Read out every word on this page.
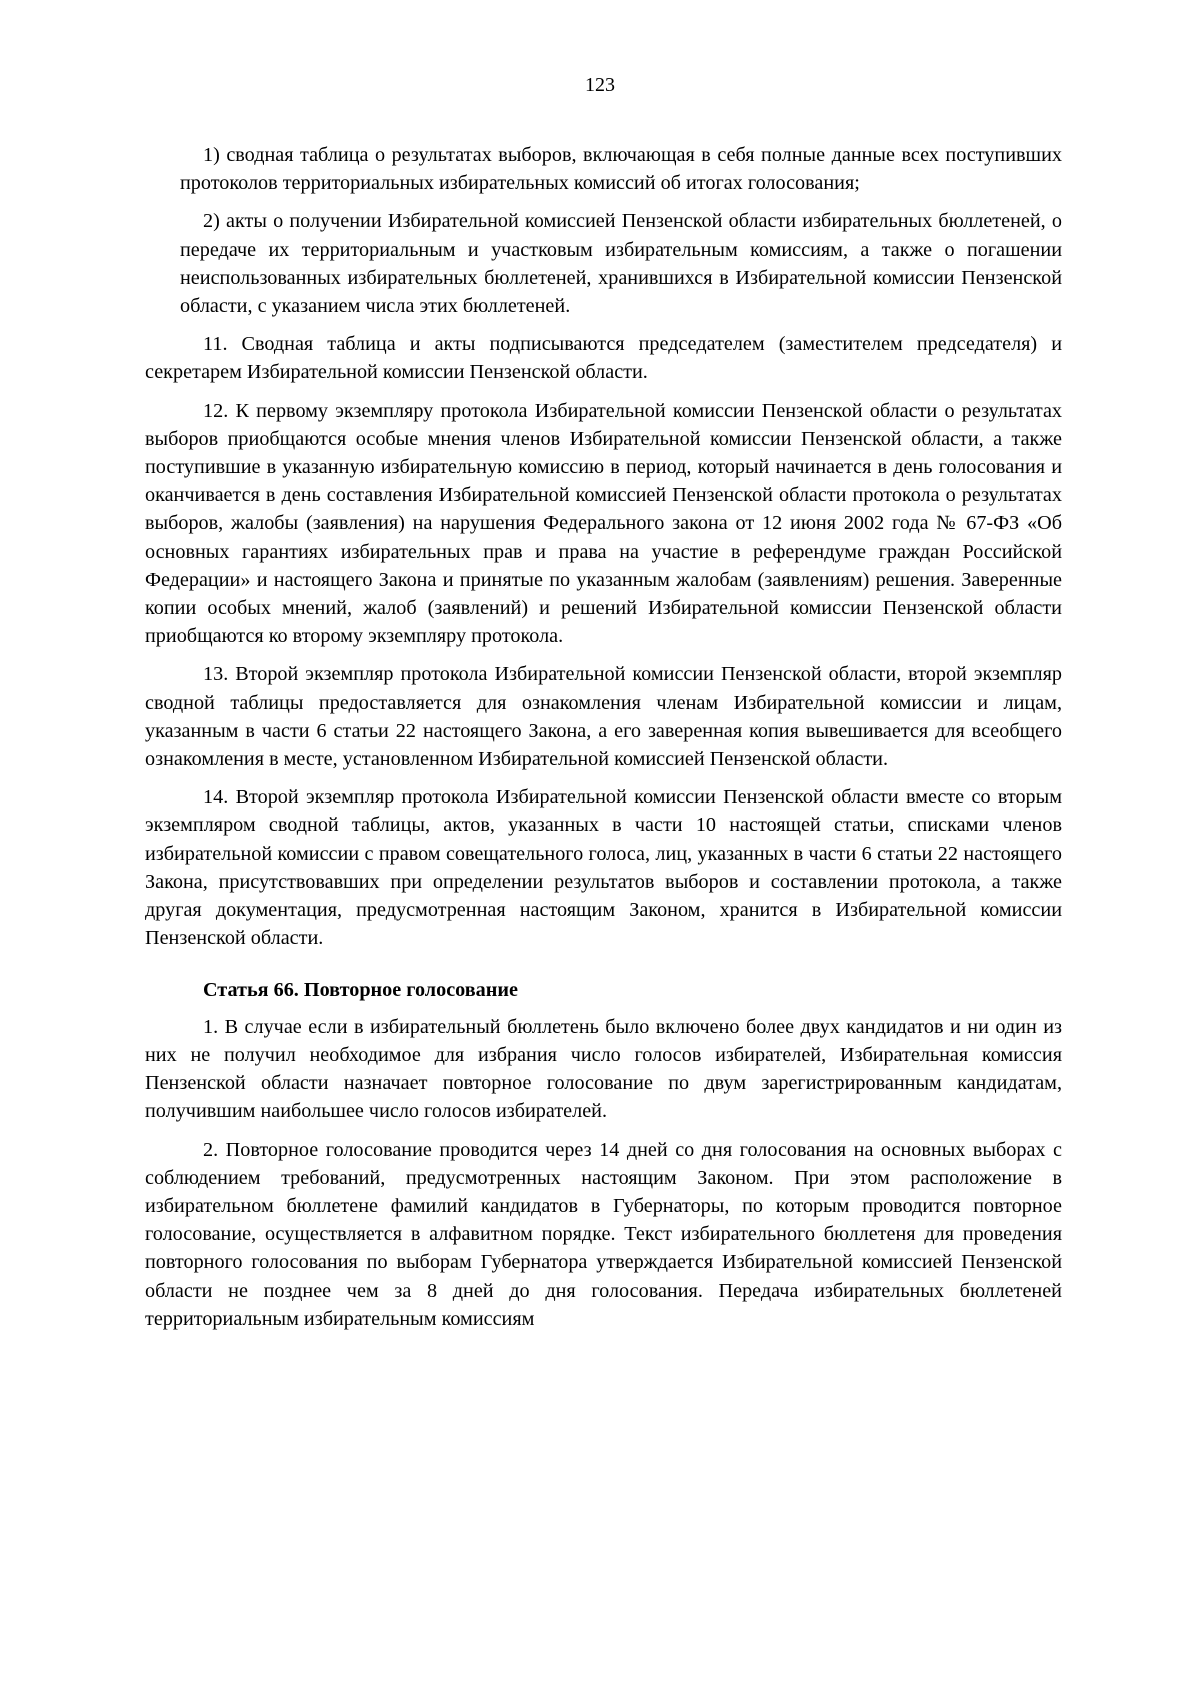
123

1) сводная таблица о результатах выборов, включающая в себя полные данные всех поступивших протоколов территориальных избирательных комиссий об итогах голосования;

2) акты о получении Избирательной комиссией Пензенской области избирательных бюллетеней, о передаче их территориальным и участковым избирательным комиссиям, а также о погашении неиспользованных избирательных бюллетеней, хранившихся в Избирательной комиссии Пензенской области, с указанием числа этих бюллетеней.

11. Сводная таблица и акты подписываются председателем (заместителем председателя) и секретарем Избирательной комиссии Пензенской области.

12. К первому экземпляру протокола Избирательной комиссии Пензенской области о результатах выборов приобщаются особые мнения членов Избирательной комиссии Пензенской области, а также поступившие в указанную избирательную комиссию в период, который начинается в день голосования и оканчивается в день составления Избирательной комиссией Пензенской области протокола о результатах выборов, жалобы (заявления) на нарушения Федерального закона от 12 июня 2002 года № 67-ФЗ «Об основных гарантиях избирательных прав и права на участие в референдуме граждан Российской Федерации» и настоящего Закона и принятые по указанным жалобам (заявлениям) решения. Заверенные копии особых мнений, жалоб (заявлений) и решений Избирательной комиссии Пензенской области приобщаются ко второму экземпляру протокола.

13. Второй экземпляр протокола Избирательной комиссии Пензенской области, второй экземпляр сводной таблицы предоставляется для ознакомления членам Избирательной комиссии и лицам, указанным в части 6 статьи 22 настоящего Закона, а его заверенная копия вывешивается для всеобщего ознакомления в месте, установленном Избирательной комиссией Пензенской области.

14. Второй экземпляр протокола Избирательной комиссии Пензенской области вместе со вторым экземпляром сводной таблицы, актов, указанных в части 10 настоящей статьи, списками членов избирательной комиссии с правом совещательного голоса, лиц, указанных в части 6 статьи 22 настоящего Закона, присутствовавших при определении результатов выборов и составлении протокола, а также другая документация, предусмотренная настоящим Законом, хранится в Избирательной комиссии Пензенской области.

Статья 66. Повторное голосование

1. В случае если в избирательный бюллетень было включено более двух кандидатов и ни один из них не получил необходимое для избрания число голосов избирателей, Избирательная комиссия Пензенской области назначает повторное голосование по двум зарегистрированным кандидатам, получившим наибольшее число голосов избирателей.

2. Повторное голосование проводится через 14 дней со дня голосования на основных выборах с соблюдением требований, предусмотренных настоящим Законом. При этом расположение в избирательном бюллетене фамилий кандидатов в Губернаторы, по которым проводится повторное голосование, осуществляется в алфавитном порядке. Текст избирательного бюллетеня для проведения повторного голосования по выборам Губернатора утверждается Избирательной комиссией Пензенской области не позднее чем за 8 дней до дня голосования. Передача избирательных бюллетеней территориальным избирательным комиссиям
